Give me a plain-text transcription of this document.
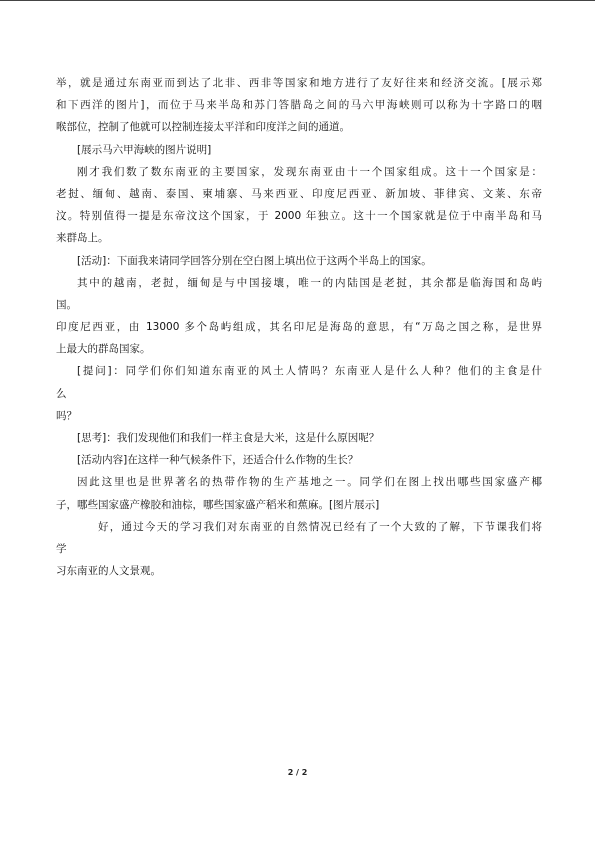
举，就是通过东南亚而到达了北非、西非等国家和地方进行了友好往来和经济交流。[展示郑
和下西洋的图片]，而位于马来半岛和苏门答腊岛之间的马六甲海峡则可以称为十字路口的咽
喉部位，控制了他就可以控制连接太平洋和印度洋之间的通道。
[展示马六甲海峡的图片说明]
刚才我们数了数东南亚的主要国家，发现东南亚由十一个国家组成。这十一个国家是：
老挝、缅甸、越南、泰国、柬埔寨、马来西亚、印度尼西亚、新加坡、菲律宾、文莱、东帝
汶。特别值得一提是东帝汶这个国家，于 2000 年独立。这十一个国家就是位于中南半岛和马
来群岛上。
[活动]：下面我来请同学回答分别在空白图上填出位于这两个半岛上的国家。
其中的越南，老挝，缅甸是与中国接壤，唯一的内陆国是老挝，其余都是临海国和岛屿
国。
印度尼西亚，由 13000 多个岛屿组成，其名印尼是海岛的意思，有“万岛之国之称，是世界
上最大的群岛国家。
[提问]：同学们你们知道东南亚的风土人情吗？东南亚人是什么人种？他们的主食是什
么
吗？
[思考]：我们发现他们和我们一样主食是大米，这是什么原因呢？
[活动内容]在这样一种气候条件下，还适合什么作物的生长？
因此这里也是世界著名的热带作物的生产基地之一。同学们在图上找出哪些国家盛产椰
子，哪些国家盛产橡胶和油棕，哪些国家盛产稻米和蕉麻。[图片展示]
好，通过今天的学习我们对东南亚的自然情况已经有了一个大致的了解，下节课我们将
学
习东南亚的人文景观。
2 / 2
